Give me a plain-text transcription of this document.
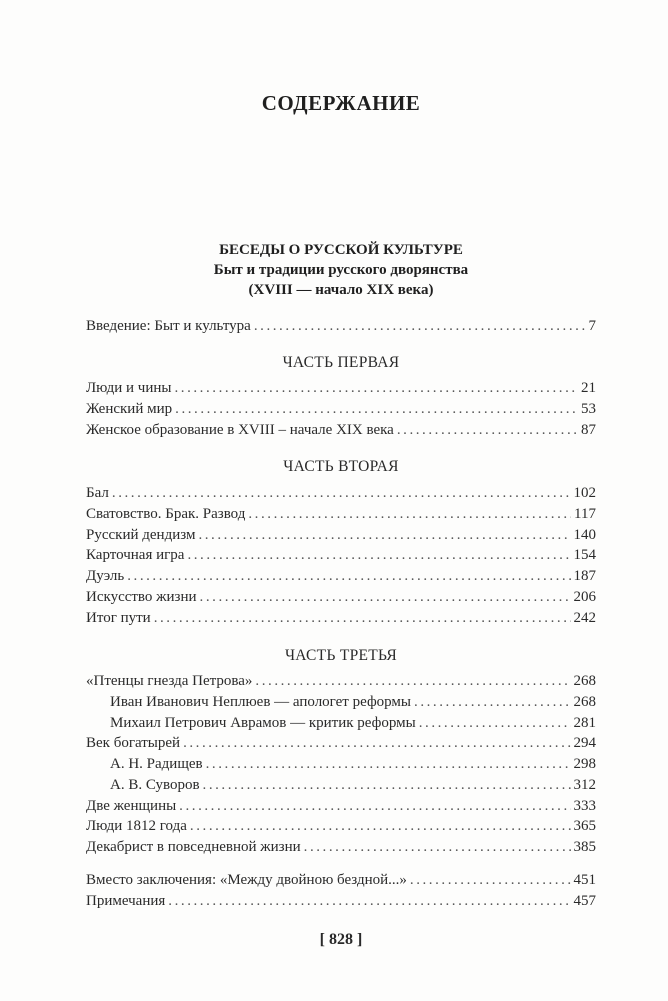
СОДЕРЖАНИЕ
БЕСЕДЫ О РУССКОЙ КУЛЬТУРЕ
Быт и традиции русского дворянства
(XVIII — начало XIX века)
Введение: Быт и культура . . .	7
ЧАСТЬ ПЕРВАЯ
Люди и чины . . .	21
Женский мир . . .	53
Женское образование в XVIII – начале XIX века . . .	87
ЧАСТЬ ВТОРАЯ
Бал . . .	102
Сватовство. Брак. Развод . . .	117
Русский дендизм . . .	140
Карточная игра . . .	154
Дуэль . . .	187
Искусство жизни . . .	206
Итог пути . . .	242
ЧАСТЬ ТРЕТЬЯ
«Птенцы гнезда Петрова» . . .	268
Иван Иванович Неплюев — апологет реформы . . .	268
Михаил Петрович Аврамов — критик реформы . . .	281
Век богатырей . . .	294
А. Н. Радищев . . .	298
А. В. Суворов . . .	312
Две женщины . . .	333
Люди 1812 года . . .	365
Декабрист в повседневной жизни . . .	385
Вместо заключения: «Между двойною бездной...» . . .	451
Примечания . . .	457
[ 828 ]
